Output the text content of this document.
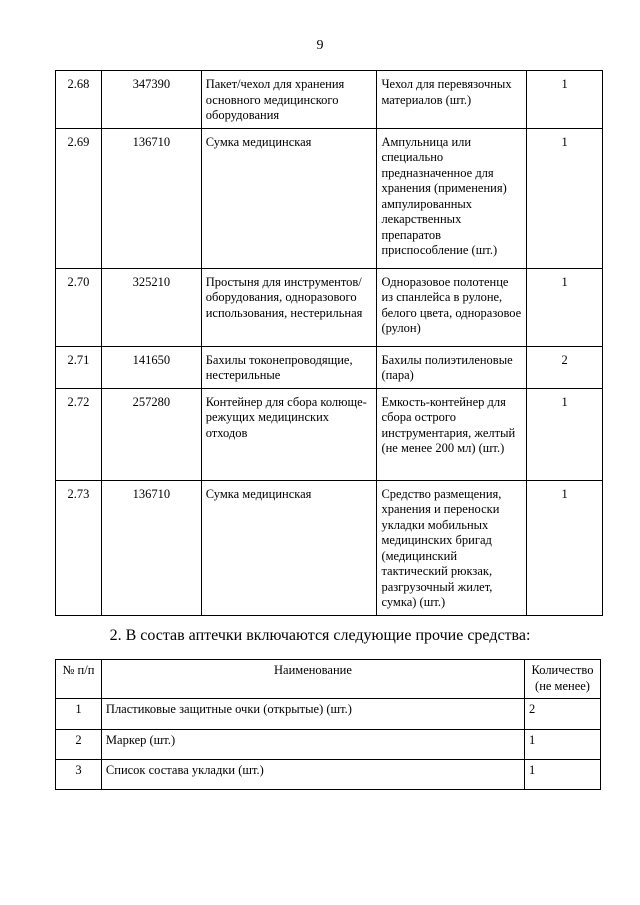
9
2.68	347390	Пакет/чехол для хранения основного медицинского оборудования	Чехол для перевязочных материалов (шт.)	1
2.69	136710	Сумка медицинская	Ампульница или специально предназначенное для хранения (применения) ампулированных лекарственных препаратов приспособление (шт.)	1
2.70	325210	Простыня для инструментов/оборудования, одноразового использования, нестерильная	Одноразовое полотенце из спанлейса в рулоне, белого цвета, одноразовое (рулон)	1
2.71	141650	Бахилы токонепроводящие, нестерильные	Бахилы полиэтиленовые (пара)	2
2.72	257280	Контейнер для сбора колюще-режущих медицинских отходов	Емкость-контейнер для сбора острого инструментария, желтый (не менее 200 мл) (шт.)	1
2.73	136710	Сумка медицинская	Средство размещения, хранения и переноски укладки мобильных медицинских бригад (медицинский тактический рюкзак, разгрузочный жилет, сумка) (шт.)	1
2. В состав аптечки включаются следующие прочие средства:
№ п/п	Наименование	Количество (не менее)
1	Пластиковые защитные очки (открытые) (шт.)	2
2	Маркер (шт.)	1
3	Список состава укладки (шт.)	1
